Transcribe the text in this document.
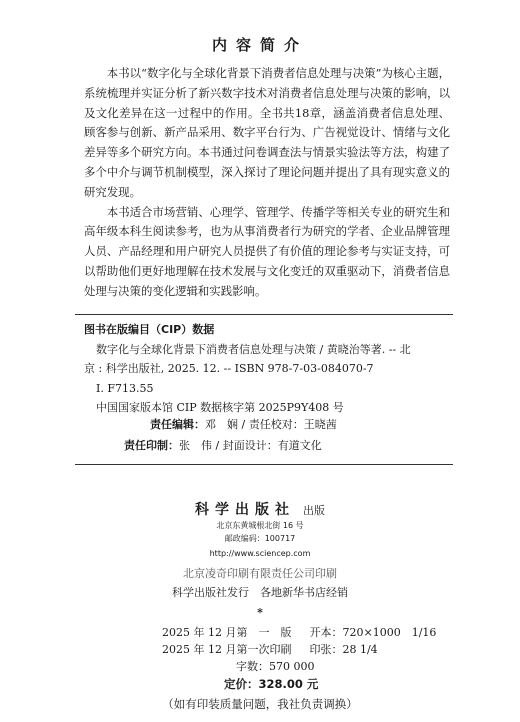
内容简介

本书以“数字化与全球化背景下消费者信息处理与决策”为核心主题，系统梳理并实证分析了新兴数字技术对消费者信息处理与决策的影响，以及文化差异在这一过程中的作用。全书共18章，涵盖消费者信息处理、顾客参与创新、新产品采用、数字平台行为、广告视觉设计、情绪与文化差异等多个研究方向。本书通过问卷调查法与情景实验法等方法，构建了多个中介与调节机制模型，深入探讨了理论问题并提出了具有现实意义的研究发现。

本书适合市场营销、心理学、管理学、传播学等相关专业的研究生和高年级本科生阅读参考，也为从事消费者行为研究的学者、企业品牌管理人员、产品经理和用户研究人员提供了有价值的理论参考与实证支持，可以帮助他们更好地理解在技术发展与文化变迁的双重驱动下，消费者信息处理与决策的变化逻辑和实践影响。

图书在版编目（CIP）数据
数字化与全球化背景下消费者信息处理与决策 / 黄晓治等著. -- 北
京 : 科学出版社, 2025. 12. -- ISBN 978-7-03-084070-7
Ⅰ. F713.55
中国国家版本馆 CIP 数据核字第 2025P9Y408 号
责任编辑：邓　娴 / 责任校对：王晓茜
责任印制：张　伟 / 封面设计：有道文化
科学出版社 出版
北京东黄城根北街 16 号
邮政编码：100717
http://www.sciencep.com
北京凌奇印刷有限责任公司印刷
科学出版社发行　各地新华书店经销
*
2025 年 12 月第　一　版 开本：720×1000　1/16
2025 年 12 月第一次印刷 印张：28 1/4
字数：570 000
定价：328.00 元
（如有印装质量问题，我社负责调换）
